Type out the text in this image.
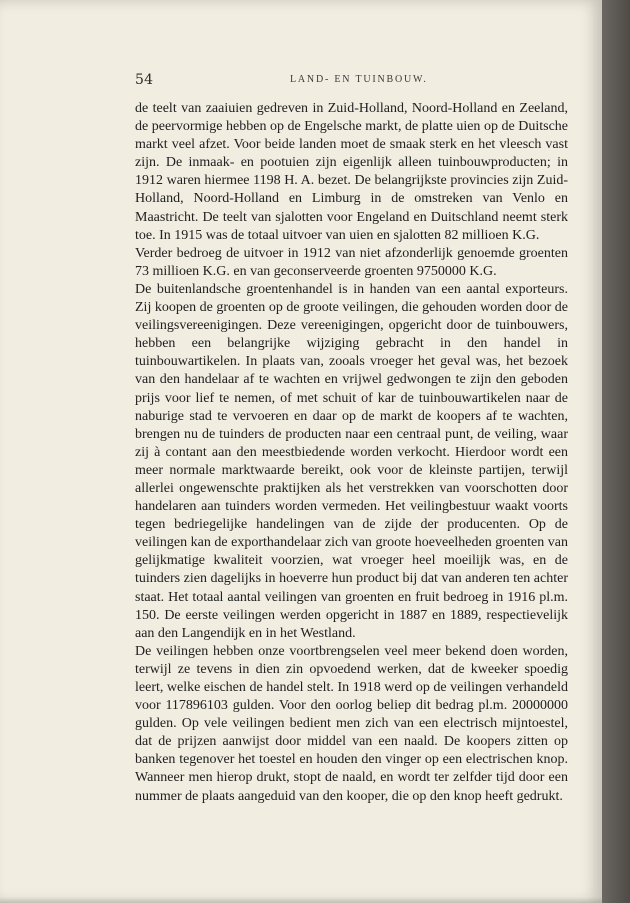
54	LAND- EN TUINBOUW.

de teelt van zaaiuien gedreven in Zuid-Holland, Noord-Holland en Zeeland, de peervormige hebben op de Engelsche markt, de platte uien op de Duitsche markt veel afzet. Voor beide landen moet de smaak sterk en het vleesch vast zijn. De inmaak- en pootuien zijn eigenlijk alleen tuinbouwproducten; in 1912 waren hiermee 1198 H. A. bezet. De belangrijkste provincies zijn Zuid-Holland, Noord-Holland en Limburg in de omstreken van Venlo en Maastricht. De teelt van sjalotten voor Engeland en Duitschland neemt sterk toe. In 1915 was de totaal uitvoer van uien en sjalotten 82 millioen K.G.

Verder bedroeg de uitvoer in 1912 van niet afzonderlijk genoemde groenten 73 millioen K.G. en van geconserveerde groenten 9750000 K.G.

De buitenlandsche groentenhandel is in handen van een aantal exporteurs. Zij koopen de groenten op de groote veilingen, die gehouden worden door de veilingsvereenigingen. Deze vereenigingen, opgericht door de tuinbouwers, hebben een belangrijke wijziging gebracht in den handel in tuinbouwartikelen. In plaats van, zooals vroeger het geval was, het bezoek van den handelaar af te wachten en vrijwel gedwongen te zijn den geboden prijs voor lief te nemen, of met schuit of kar de tuinbouwartikelen naar de naburige stad te vervoeren en daar op de markt de koopers af te wachten, brengen nu de tuinders de producten naar een centraal punt, de veiling, waar zij à contant aan den meestbiedende worden verkocht. Hierdoor wordt een meer normale marktwaarde bereikt, ook voor de kleinste partijen, terwijl allerlei ongewenschte praktijken als het verstrekken van voorschotten door handelaren aan tuinders worden vermeden. Het veilingbestuur waakt voorts tegen bedriegelijke handelingen van de zijde der producenten. Op de veilingen kan de exporthandelaar zich van groote hoeveelheden groenten van gelijkmatige kwaliteit voorzien, wat vroeger heel moeilijk was, en de tuinders zien dagelijks in hoeverre hun product bij dat van anderen ten achter staat. Het totaal aantal veilingen van groenten en fruit bedroeg in 1916 pl.m. 150. De eerste veilingen werden opgericht in 1887 en 1889, respectievelijk aan den Langendijk en in het Westland.

De veilingen hebben onze voortbrengselen veel meer bekend doen worden, terwijl ze tevens in dien zin opvoedend werken, dat de kweeker spoedig leert, welke eischen de handel stelt. In 1918 werd op de veilingen verhandeld voor 117896103 gulden. Voor den oorlog beliep dit bedrag pl.m. 20000000 gulden. Op vele veilingen bedient men zich van een electrisch mijntoestel, dat de prijzen aanwijst door middel van een naald. De koopers zitten op banken tegenover het toestel en houden den vinger op een electrischen knop. Wanneer men hierop drukt, stopt de naald, en wordt ter zelfder tijd door een nummer de plaats aangeduid van den kooper, die op den knop heeft gedrukt.
